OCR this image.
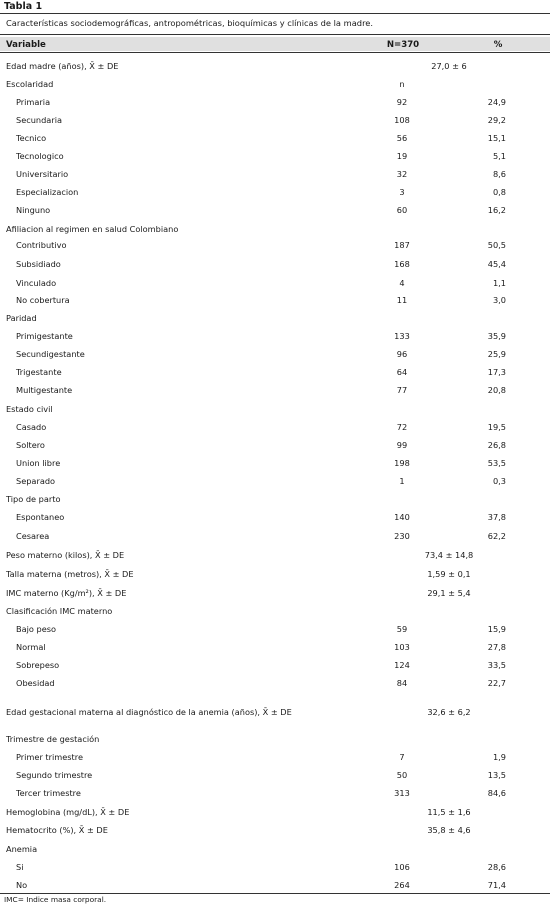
Tabla 1
Características sociodemográficas, antropométricas, bioquímicas y clínicas de la madre.
Variable	N=370	%
Edad madre (años), X̄ ± DE	27,0 ± 6
Escolaridad	n
Primaria	92	24,9
Secundaria	108	29,2
Tecnico	56	15,1
Tecnologico	19	5,1
Universitario	32	8,6
Especializacion	3	0,8
Ninguno	60	16,2
Afiliacion al regimen en salud Colombiano
Contributivo	187	50,5
Subsidiado	168	45,4
Vinculado	4	1,1
No cobertura	11	3,0
Paridad
Primigestante	133	35,9
Secundigestante	96	25,9
Trigestante	64	17,3
Multigestante	77	20,8
Estado civil
Casado	72	19,5
Soltero	99	26,8
Union libre	198	53,5
Separado	1	0,3
Tipo de parto
Espontaneo	140	37,8
Cesarea	230	62,2
Peso materno (kilos), X̄ ± DE	73,4 ± 14,8
Talla materna (metros), X̄ ± DE	1,59 ± 0,1
IMC materno (Kg/m²), X̄ ± DE	29,1 ± 5,4
Clasificación IMC materno
Bajo peso	59	15,9
Normal	103	27,8
Sobrepeso	124	33,5
Obesidad	84	22,7
Edad gestacional materna al diagnóstico de la anemia (años), X̄ ± DE	32,6 ± 6,2
Trimestre de gestación
Primer trimestre	7	1,9
Segundo trimestre	50	13,5
Tercer trimestre	313	84,6
Hemoglobina (mg/dL), X̄ ± DE	11,5 ± 1,6
Hematocrito (%), X̄ ± DE	35,8 ± 4,6
Anemia
Si	106	28,6
No	264	71,4
IMC= Indice masa corporal.
